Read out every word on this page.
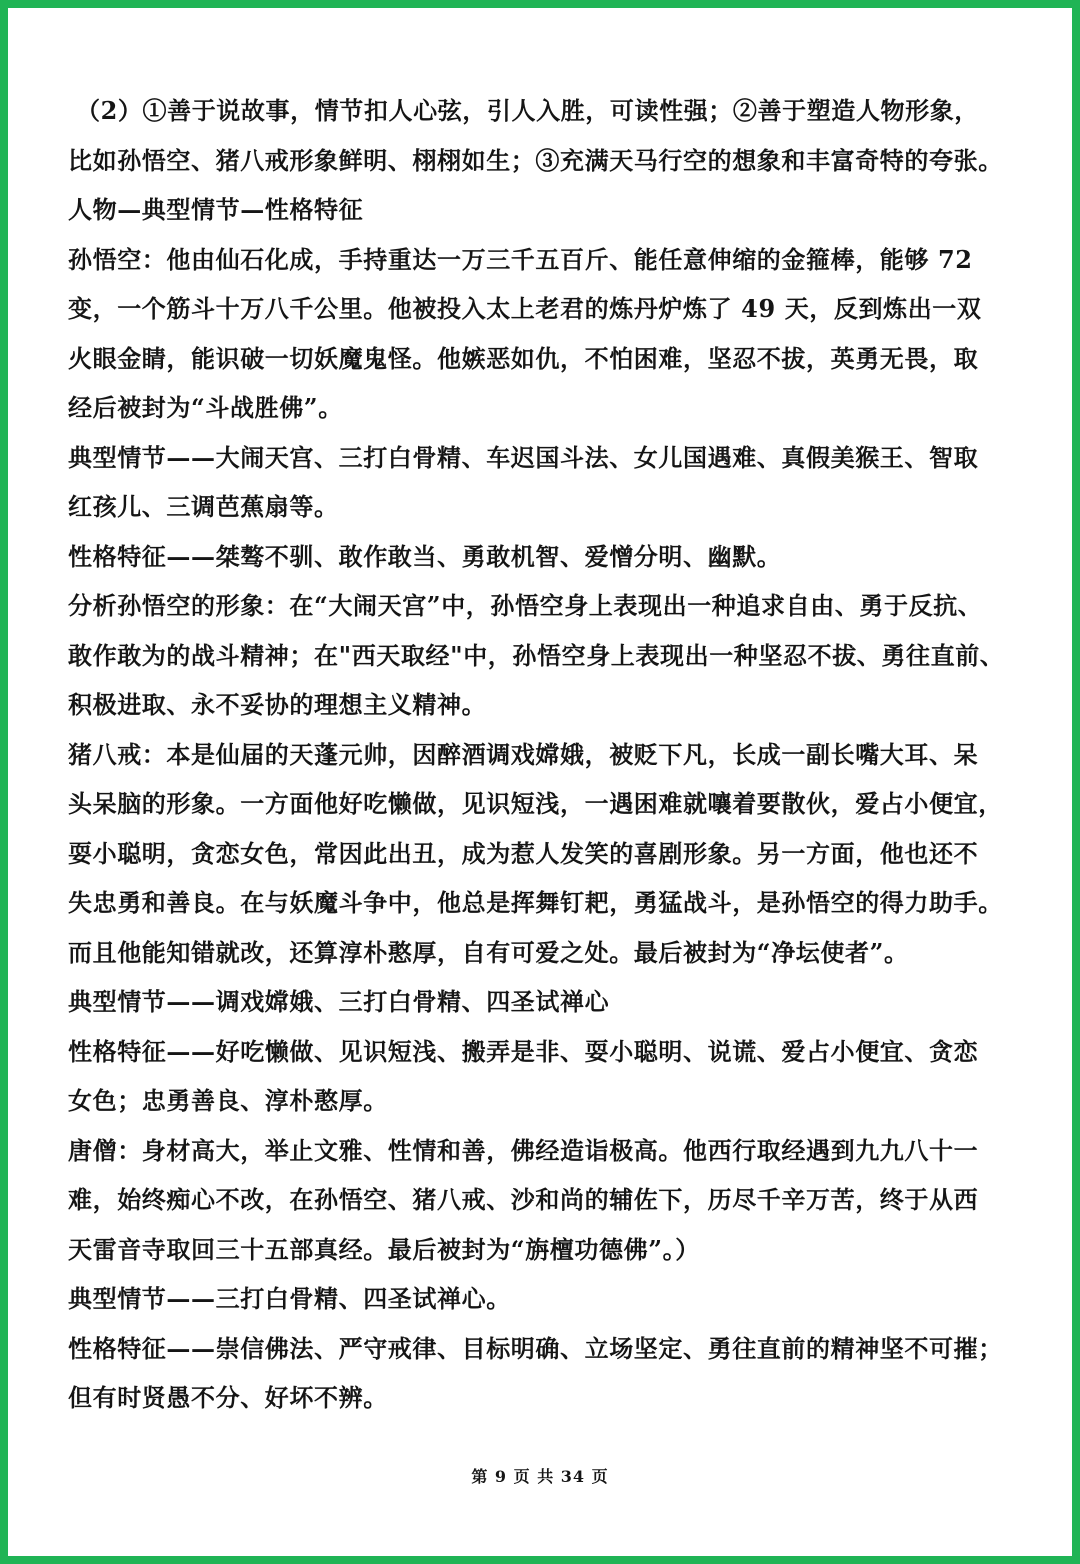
（2）①善于说故事，情节扣人心弦，引人入胜，可读性强；②善于塑造人物形象，
比如孙悟空、猪八戒形象鲜明、栩栩如生；③充满天马行空的想象和丰富奇特的夸张。
人物—典型情节—性格特征
孙悟空：他由仙石化成，手持重达一万三千五百斤、能任意伸缩的金箍棒，能够 72
变，一个筋斗十万八千公里。他被投入太上老君的炼丹炉炼了 49 天，反到炼出一双
火眼金睛，能识破一切妖魔鬼怪。他嫉恶如仇，不怕困难，坚忍不拔，英勇无畏，取
经后被封为“斗战胜佛”。
典型情节——大闹天宫、三打白骨精、车迟国斗法、女儿国遇难、真假美猴王、智取
红孩儿、三调芭蕉扇等。
性格特征——桀骜不驯、敢作敢当、勇敢机智、爱憎分明、幽默。
分析孙悟空的形象：在“大闹天宫”中，孙悟空身上表现出一种追求自由、勇于反抗、
敢作敢为的战斗精神；在"西天取经"中，孙悟空身上表现出一种坚忍不拔、勇往直前、
积极进取、永不妥协的理想主义精神。
猪八戒：本是仙届的天蓬元帅，因醉酒调戏嫦娥，被贬下凡，长成一副长嘴大耳、呆
头呆脑的形象。一方面他好吃懒做，见识短浅，一遇困难就嚷着要散伙，爱占小便宜，
耍小聪明，贪恋女色，常因此出丑，成为惹人发笑的喜剧形象。另一方面，他也还不
失忠勇和善良。在与妖魔斗争中，他总是挥舞钉耙，勇猛战斗，是孙悟空的得力助手。
而且他能知错就改，还算淳朴憨厚，自有可爱之处。最后被封为“净坛使者”。
典型情节——调戏嫦娥、三打白骨精、四圣试禅心
性格特征——好吃懒做、见识短浅、搬弄是非、耍小聪明、说谎、爱占小便宜、贪恋
女色；忠勇善良、淳朴憨厚。
唐僧：身材高大，举止文雅、性情和善，佛经造诣极高。他西行取经遇到九九八十一
难，始终痴心不改，在孙悟空、猪八戒、沙和尚的辅佐下，历尽千辛万苦，终于从西
天雷音寺取回三十五部真经。最后被封为“旃檀功德佛”。）
典型情节——三打白骨精、四圣试禅心。
性格特征——崇信佛法、严守戒律、目标明确、立场坚定、勇往直前的精神坚不可摧；
但有时贤愚不分、好坏不辨。
第 9 页 共 34 页
